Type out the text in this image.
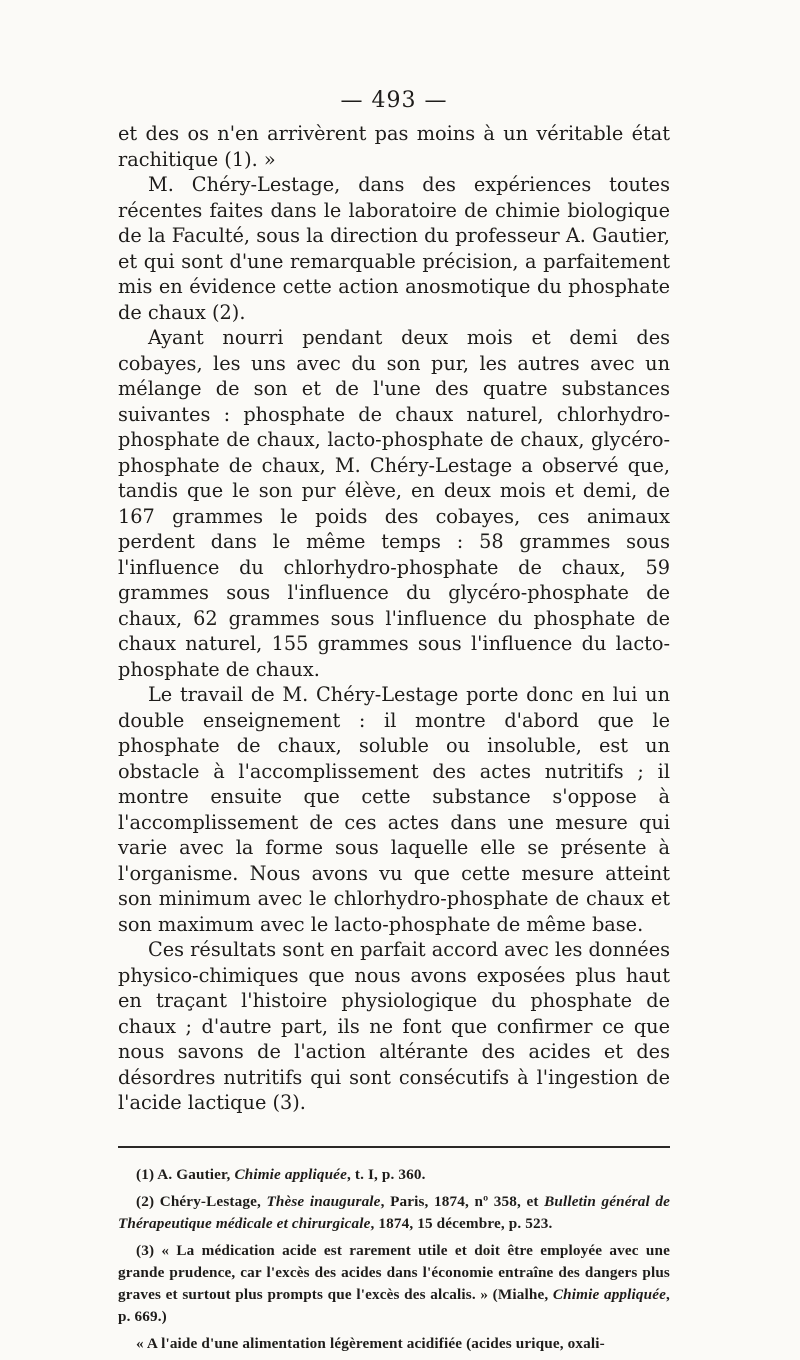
— 493 —

et des os n'en arrivèrent pas moins à un véritable état rachitique (1). »

M. Chéry-Lestage, dans des expériences toutes récentes faites dans le laboratoire de chimie biologique de la Faculté, sous la direction du professeur A. Gautier, et qui sont d'une remarquable précision, a parfaitement mis en évidence cette action anosmotique du phosphate de chaux (2).

Ayant nourri pendant deux mois et demi des cobayes, les uns avec du son pur, les autres avec un mélange de son et de l'une des quatre substances suivantes : phosphate de chaux naturel, chlorhydro-phosphate de chaux, lacto-phosphate de chaux, glycéro-phosphate de chaux, M. Chéry-Lestage a observé que, tandis que le son pur élève, en deux mois et demi, de 167 grammes le poids des cobayes, ces animaux perdent dans le même temps : 58 grammes sous l'influence du chlorhydro-phosphate de chaux, 59 grammes sous l'influence du glycéro-phosphate de chaux, 62 grammes sous l'influence du phosphate de chaux naturel, 155 grammes sous l'influence du lacto-phosphate de chaux.

Le travail de M. Chéry-Lestage porte donc en lui un double enseignement : il montre d'abord que le phosphate de chaux, soluble ou insoluble, est un obstacle à l'accomplissement des actes nutritifs ; il montre ensuite que cette substance s'oppose à l'accomplissement de ces actes dans une mesure qui varie avec la forme sous laquelle elle se présente à l'organisme. Nous avons vu que cette mesure atteint son minimum avec le chlorhydro-phosphate de chaux et son maximum avec le lacto-phosphate de même base.

Ces résultats sont en parfait accord avec les données physico-chimiques que nous avons exposées plus haut en traçant l'histoire physiologique du phosphate de chaux ; d'autre part, ils ne font que confirmer ce que nous savons de l'action altérante des acides et des désordres nutritifs qui sont consécutifs à l'ingestion de l'acide lactique (3).

(1) A. Gautier, Chimie appliquée, t. I, p. 360.

(2) Chéry-Lestage, Thèse inaugurale, Paris, 1874, nº 358, et Bulletin général de Thérapeutique médicale et chirurgicale, 1874, 15 décembre, p. 523.

(3) « La médication acide est rarement utile et doit être employée avec une grande prudence, car l'excès des acides dans l'économie entraîne des dangers plus graves et surtout plus prompts que l'excès des alcalis. » (Mialhe, Chimie appliquée, p. 669.)

« A l'aide d'une alimentation légèrement acidifiée (acides urique, oxali-
